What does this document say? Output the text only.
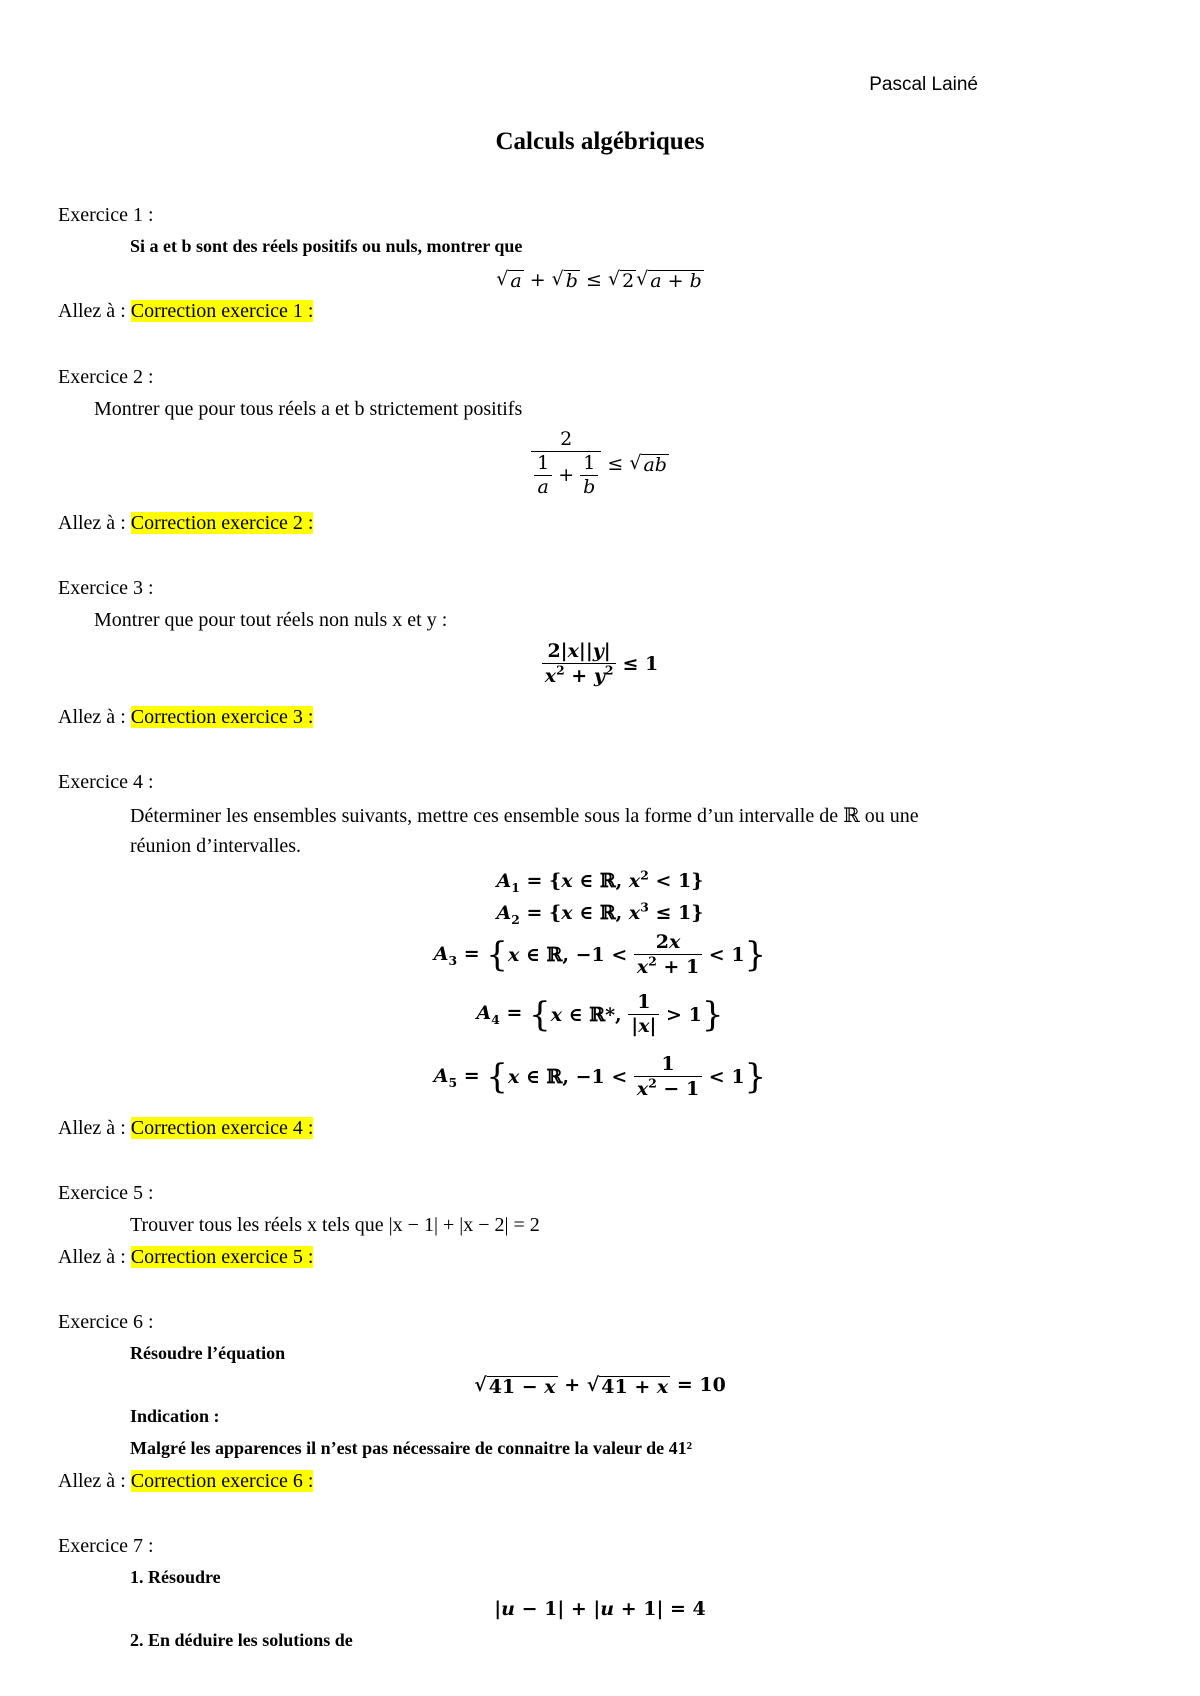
Pascal Lainé
Calculs algébriques
Exercice 1 :
Si a et b sont des réels positifs ou nuls, montrer que
√ a + √ b ≤ √ 2 √ a + b
Allez à : Correction exercice 1 :
Exercice 2 :
Montrer que pour tous réels a et b strictement positifs
$\frac{2}{\frac{1}{a} + \frac{1}{b}}$ ≤ √ ab
Allez à : Correction exercice 2 :
Exercice 3 :
Montrer que pour tout réels non nuls x et y :
$\frac{2|x||y|}{x^2 + y^2}$
≤ 1
Allez à : Correction exercice 3 :
Exercice 4 :
Déterminer les ensembles suivants, mettre ces ensemble sous la forme d’un intervalle de ℝ ou une
réunion d’intervalles.
$A_1 = \{x$ ∈ ℝ, $x^2 < 1$}
$A_2 = \{x$ ∈ ℝ, $x^3 \le 1$}
$A_3$ = { x ∈ ℝ, $-1 < \frac{2x}{x^2 + 1} < 1$ }
$A_4$ = { x ∈ ℝ*, $\frac{1}{|x|} > 1$ }
$A_5$ = { x ∈ ℝ, $-1 < \frac{1}{x^2 - 1} < 1$ }
Allez à : Correction exercice 4 :
Exercice 5 :
Trouver tous les réels x tels que |x − 1| + |x − 2| = 2
Allez à : Correction exercice 5 :
Exercice 6 :
Résoudre l’équation
√ 41 − x + √ 41 + x = 10
Indication :
Malgré les apparences il n’est pas nécessaire de connaitre la valeur de 41²
Allez à : Correction exercice 6 :
Exercice 7 :
1. Résoudre
|u − 1| + |u + 1| = 4
2. En déduire les solutions de
